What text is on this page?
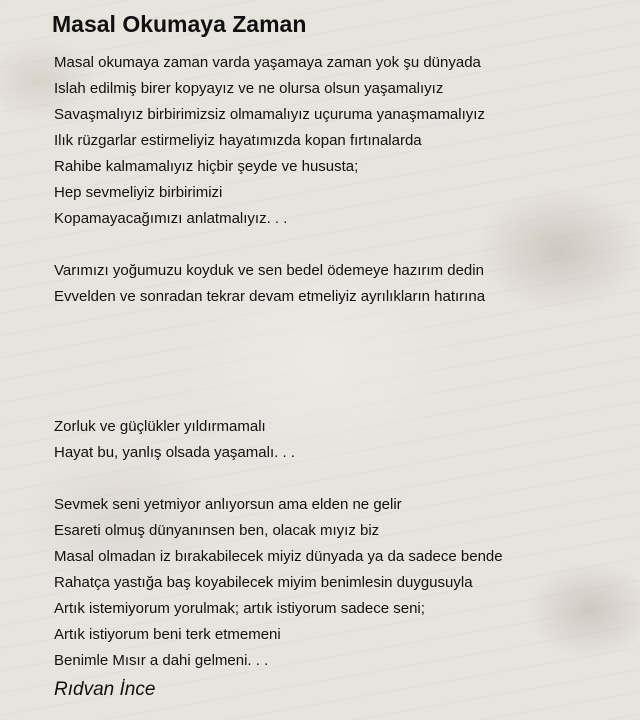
Masal Okumaya Zaman
Masal okumaya zaman varda yaşamaya zaman yok şu dünyada
Islah edilmiş birer kopyayız ve ne olursa olsun yaşamalıyız
Savaşmalıyız birbirimizsiz olmamalıyız uçuruma yanaşmamalıyız
Ilık rüzgarlar estirmeliyiz hayatımızda kopan fırtınalarda
Rahibe kalmamalıyız hiçbir şeyde ve hususta;
Hep sevmeliyiz birbirimizi
Kopamayacağımızı anlatmalıyız. . .
Varımızı yoğumuzu koyduk ve sen bedel ödemeye hazırım dedin
Evvelden ve sonradan tekrar devam etmeliyiz ayrılıkların hatırına
Zorluk ve güçlükler yıldırmamalı
Hayat bu, yanlış olsada yaşamalı. . .
Sevmek seni yetmiyor anlıyorsun ama elden ne gelir
Esareti olmuş dünyanınsen ben, olacak mıyız biz
Masal olmadan iz bırakabilecek miyiz dünyada ya da sadece bende
Rahatça yastığa baş koyabilecek miyim benimlesin duygusuyla
Artık istemiyorum yorulmak; artık istiyorum sadece seni;
Artık istiyorum beni terk etmemeni
Benimle Mısır a dahi gelmeni. . .
Rıdvan İnce
